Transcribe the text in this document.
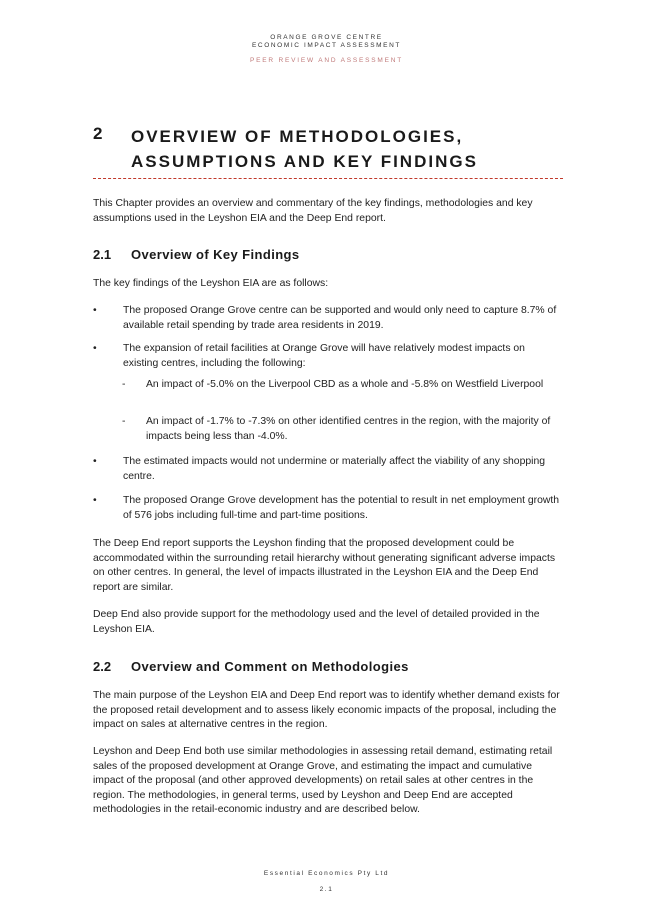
ORANGE GROVE CENTRE
ECONOMIC IMPACT ASSESSMENT
PEER REVIEW AND ASSESSMENT
2 OVERVIEW OF METHODOLOGIES,
ASSUMPTIONS AND KEY FINDINGS
This Chapter provides an overview and commentary of the key findings, methodologies and key assumptions used in the Leyshon EIA and the Deep End report.
2.1 Overview of Key Findings
The key findings of the Leyshon EIA are as follows:
•	The proposed Orange Grove centre can be supported and would only need to capture 8.7% of available retail spending by trade area residents in 2019.
•	The expansion of retail facilities at Orange Grove will have relatively modest impacts on existing centres, including the following:
- An impact of -5.0% on the Liverpool CBD as a whole and -5.8% on Westfield Liverpool
- An impact of -1.7% to -7.3% on other identified centres in the region, with the majority of impacts being less than -4.0%.
•	The estimated impacts would not undermine or materially affect the viability of any shopping centre.
•	The proposed Orange Grove development has the potential to result in net employment growth of 576 jobs including full-time and part-time positions.
The Deep End report supports the Leyshon finding that the proposed development could be accommodated within the surrounding retail hierarchy without generating significant adverse impacts on other centres. In general, the level of impacts illustrated in the Leyshon EIA and the Deep End report are similar.
Deep End also provide support for the methodology used and the level of detailed provided in the Leyshon EIA.
2.2 Overview and Comment on Methodologies
The main purpose of the Leyshon EIA and Deep End report was to identify whether demand exists for the proposed retail development and to assess likely economic impacts of the proposal, including the impact on sales at alternative centres in the region.
Leyshon and Deep End both use similar methodologies in assessing retail demand, estimating retail sales of the proposed development at Orange Grove, and estimating the impact and cumulative impact of the proposal (and other approved developments) on retail sales at other centres in the region. The methodologies, in general terms, used by Leyshon and Deep End are accepted methodologies in the retail-economic industry and are described below.
Essential Economics Pty Ltd
2.1
